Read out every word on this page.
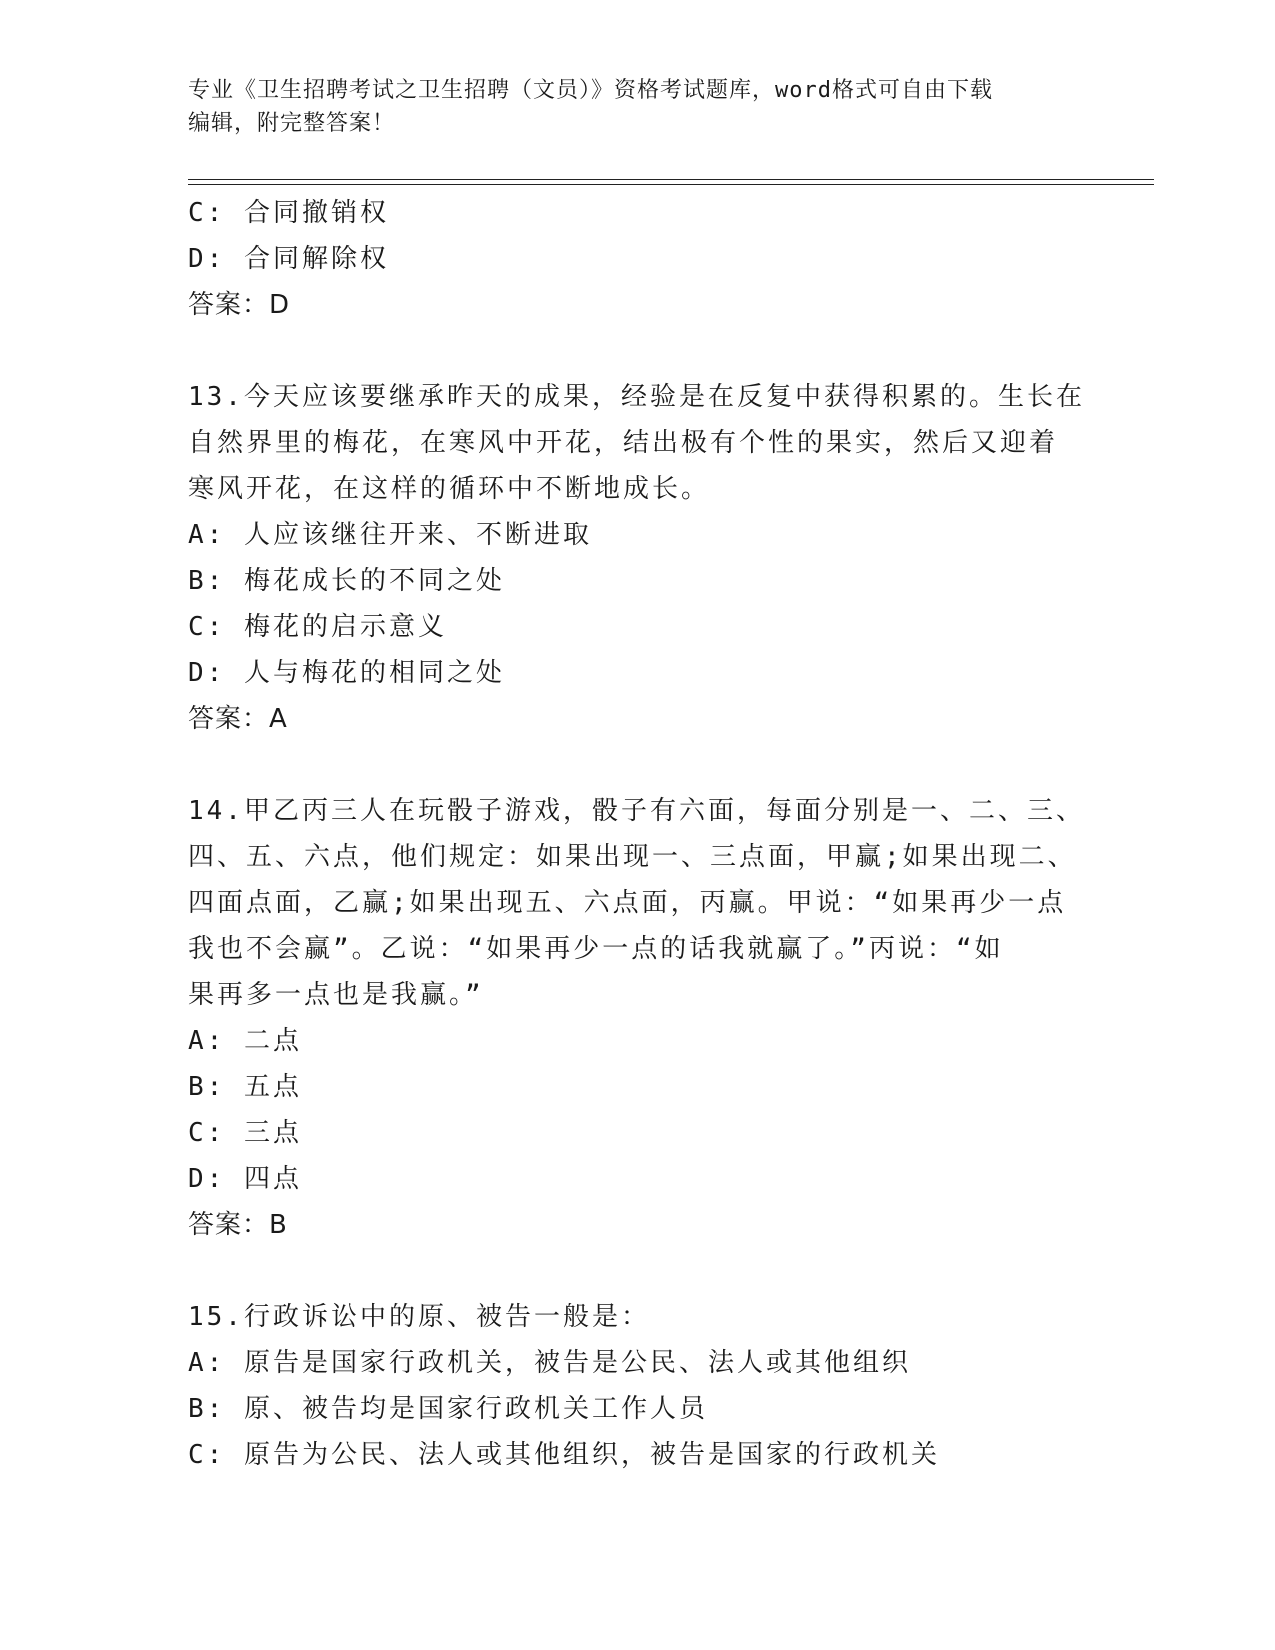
专业《卫生招聘考试之卫生招聘（文员）》资格考试题库，word格式可自由下载
编辑，附完整答案！
C: 合同撤销权
D: 合同解除权
答案：D
13.今天应该要继承昨天的成果，经验是在反复中获得积累的。生长在
自然界里的梅花，在寒风中开花，结出极有个性的果实，然后又迎着
寒风开花，在这样的循环中不断地成长。
A: 人应该继往开来、不断进取
B: 梅花成长的不同之处
C: 梅花的启示意义
D: 人与梅花的相同之处
答案：A
14.甲乙丙三人在玩骰子游戏，骰子有六面，每面分别是一、二、三、
四、五、六点，他们规定：如果出现一、三点面，甲赢;如果出现二、
四面点面，乙赢;如果出现五、六点面，丙赢。甲说：“如果再少一点
我也不会赢”。乙说：“如果再少一点的话我就赢了。”丙说：“如
果再多一点也是我赢。”
A: 二点
B: 五点
C: 三点
D: 四点
答案：B
15.行政诉讼中的原、被告一般是：
A: 原告是国家行政机关，被告是公民、法人或其他组织
B: 原、被告均是国家行政机关工作人员
C: 原告为公民、法人或其他组织，被告是国家的行政机关
